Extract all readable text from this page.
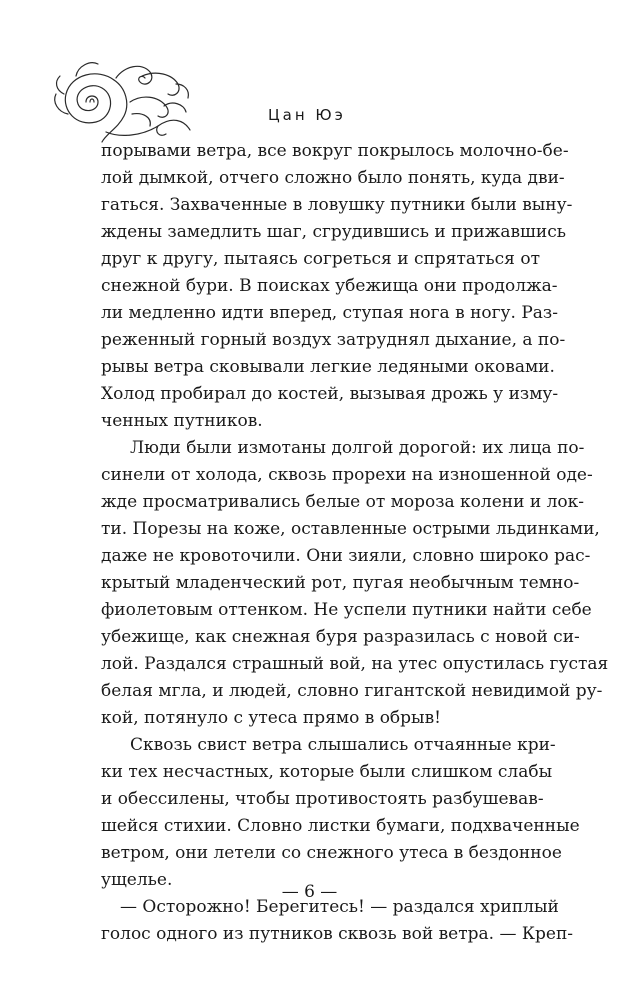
Цан Юэ
порывами ветра, все вокруг покрылось молочно-бе-
лой дымкой, отчего сложно было понять, куда дви-
гаться. Захваченные в ловушку путники были выну-
ждены замедлить шаг, сгрудившись и прижавшись
друг к другу, пытаясь согреться и спрятаться от
снежной бури. В поисках убежища они продолжа-
ли медленно идти вперед, ступая нога в ногу. Раз-
реженный горный воздух затруднял дыхание, а по-
рывы ветра сковывали легкие ледяными оковами.
Холод пробирал до костей, вызывая дрожь у изму-
ченных путников.
Люди были измотаны долгой дорогой: их лица по-
синели от холода, сквозь прорехи на изношенной оде-
жде просматривались белые от мороза колени и лок-
ти. Порезы на коже, оставленные острыми льдинками,
даже не кровоточили. Они зияли, словно широко рас-
крытый младенческий рот, пугая необычным темно-
фиолетовым оттенком. Не успели путники найти себе
убежище, как снежная буря разразилась с новой си-
лой. Раздался страшный вой, на утес опустилась густая
белая мгла, и людей, словно гигантской невидимой ру-
кой, потянуло с утеса прямо в обрыв!
Сквозь свист ветра слышались отчаянные кри-
ки тех несчастных, которые были слишком слабы
и обессилены, чтобы противостоять разбушевав-
шейся стихии. Словно листки бумаги, подхваченные
ветром, они летели со снежного утеса в бездонное
ущелье.
— Осторожно! Берегитесь! — раздался хриплый
голос одного из путников сквозь вой ветра. — Креп-
— 6 —
